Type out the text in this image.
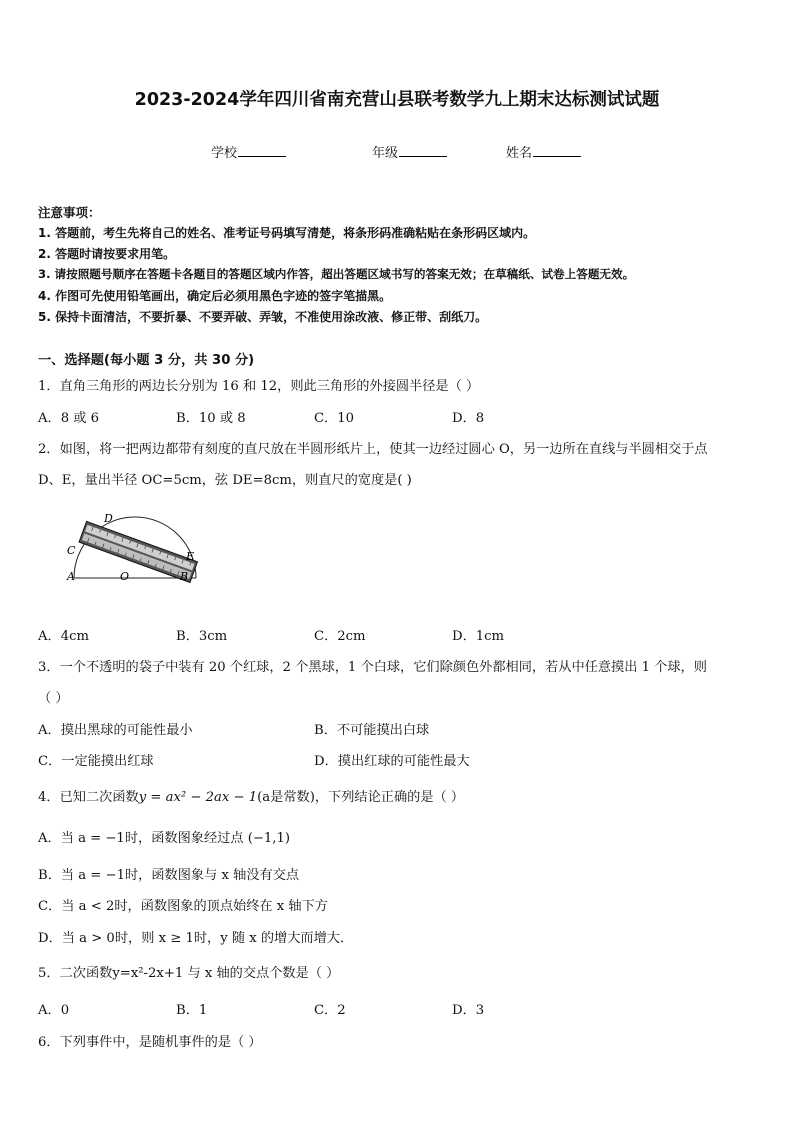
2023-2024学年四川省南充营山县联考数学九上期末达标测试试题
学校	年级	姓名
注意事项：
1. 答题前，考生先将自己的姓名、准考证号码填写清楚，将条形码准确粘贴在条形码区域内。
2. 答题时请按要求用笔。
3. 请按照题号顺序在答题卡各题目的答题区域内作答，超出答题区域书写的答案无效；在草稿纸、试卷上答题无效。
4. 作图可先使用铅笔画出，确定后必须用黑色字迹的签字笔描黑。
5. 保持卡面清洁，不要折暴、不要弄破、弄皱，不准使用涂改液、修正带、刮纸刀。
一、选择题(每小题 3 分，共 30 分)
1．直角三角形的两边长分别为 16 和 12，则此三角形的外接圆半径是（ ）
A．8 或 6	B．10 或 8	C．10	D．8
2．如图，将一把两边都带有刻度的直尺放在半圆形纸片上，使其一边经过圆心 O，另一边所在直线与半圆相交于点
D、E，量出半径 OC=5cm，弦 DE=8cm，则直尺的宽度是( )
D
C
A	O
E
B
A．4cm	B．3cm	C．2cm	D．1cm
3．一个不透明的袋子中装有 20 个红球，2 个黑球，1 个白球，它们除颜色外都相同，若从中任意摸出 1 个球，则
（ ）
A．摸出黑球的可能性最小	B．不可能摸出白球
C．一定能摸出红球	D．摸出红球的可能性最大
4．已知二次函数y = ax² − 2ax − 1(a是常数)，下列结论正确的是（ ）
A．当 a = −1时，函数图象经过点 (−1,1)
B．当 a = −1时，函数图象与 x 轴没有交点
C．当 a < 2时，函数图象的顶点始终在 x 轴下方
D．当 a > 0时，则 x ≥ 1时，y 随 x 的增大而增大．
5．二次函数y=x²-2x+1 与 x 轴的交点个数是（ ）
A．0	B．1	C．2	D．3
6．下列事件中，是随机事件的是（ ）
